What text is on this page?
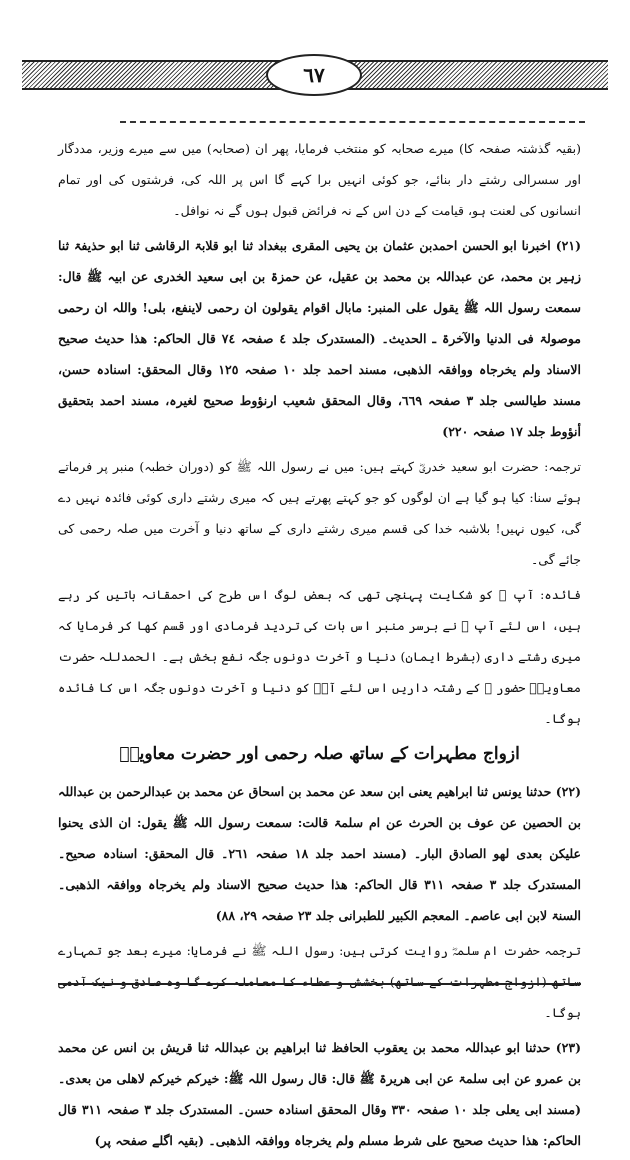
٦٧

(بقیہ گذشتہ صفحہ کا) میرے صحابہ کو منتخب فرمایا، پھر ان (صحابہ) میں سے میرے وزیر، مددگار اور سسرالی رشتے دار بنائے، جو کوئی انہیں برا کہے گا اس پر اللہ کی، فرشتوں کی اور تمام انسانوں کی لعنت ہو، قیامت کے دن اس کے نہ فرائض قبول ہوں گے نہ نوافل۔

(۲۱) اخبرنا ابو الحسن احمدبن عثمان بن یحیی المقری ببغداد ثنا ابو قلابۃ الرقاشی ثنا ابو حذیفۃ ثنا زہیر بن محمد، عن عبداللہ بن محمد بن عقیل، عن حمزۃ بن ابی سعید الخدری عن ابیہ ﷺ قال: سمعت رسول اللہ ﷺ یقول علی المنبر: مابال اقوام یقولون ان رحمی لاینفع، بلی! واللہ ان رحمی موصولۃ فی الدنیا والآخرۃ ـ الحدیث۔ (المستدرک جلد ٤ صفحہ ٧٤ قال الحاکم: ھذا حدیث صحیح الاسناد ولم یخرجاہ ووافقہ الذھبی، مسند احمد جلد ١٠ صفحہ ١٢٥ وقال المحقق: اسنادہ حسن، مسند طیالسی جلد ٣ صفحہ ٦٦٩، وقال المحقق شعیب ارنؤوط صحیح لغیرہ، مسند احمد بتحقیق أنؤوط جلد ١٧ صفحہ ٢٢٠)

ترجمہ: حضرت ابو سعید خدریؓ کہتے ہیں: میں نے رسول اللہ ﷺ کو (دوران خطبہ) منبر پر فرماتے ہوئے سنا: کیا ہو گیا ہے ان لوگوں کو جو کہتے پھرتے ہیں کہ میری رشتے داری کوئی فائدہ نہیں دے گی، کیوں نہیں! بلاشبہ خدا کی قسم میری رشتے داری کے ساتھ دنیا و آخرت میں صلہ رحمی کی جائے گی۔

فائدہ: آپ ﷺ کو شکایت پہنچی تھی کہ بعض لوگ اس طرح کی احمقانہ باتیں کر رہے ہیں، اس لئے آپ ﷺ نے برسر منبر اس بات کی تردید فرمادی اور قسم کھا کر فرمایا کہ میری رشتے داری (بشرط ایمان) دنیا و آخرت دونوں جگہ نفع بخش ہے۔ الحمدللہ حضرت معاویہؓ حضور ﷺ کے رشتہ داریں اس لئے آپؐ کو دنیا و آخرت دونوں جگہ اس کا فائدہ ہوگا۔

ازواج مطہرات کے ساتھ صلہ رحمی اور حضرت معاویہؓ

(۲۲) حدثنا یونس ثنا ابراھیم یعنی ابن سعد عن محمد بن اسحاق عن محمد بن عبدالرحمن بن عبداللہ بن الحصین عن عوف بن الحرث عن ام سلمۃ قالت: سمعت رسول اللہ ﷺ یقول: ان الذی یحنوا علیکن بعدی لھو الصادق البار۔ (مسند احمد جلد ١٨ صفحہ ٢٦١۔ قال المحقق: اسنادہ صحیح۔ المستدرک جلد ٣ صفحہ ٣١١ قال الحاکم: ھذا حدیث صحیح الاسناد ولم یخرجاہ ووافقہ الذھبی۔ السنۃ لابن ابی عاصم۔ المعجم الکبیر للطبرانی جلد ٢٣ صفحہ ٢٩، ٨٨)

ترجمہ حضرت ام سلمہؓ روایت کرتی ہیں: رسول اللہ ﷺ نے فرمایا: میرے بعد جو تمہارے ساتھ (ازواج مطہرات کے ساتھ) بخشش و عطاء کا معاملہ کرے گا وہ صادق و نیک آدمی ہوگا۔

(۲۳) حدثنا ابو عبداللہ محمد بن یعقوب الحافظ ثنا ابراھیم بن عبداللہ ثنا قریش بن انس عن محمد بن عمرو عن ابی سلمۃ عن ابی ھریرۃ ﷺ قال: قال رسول اللہ ﷺ: خیرکم خیرکم لاھلی من بعدی۔ (مسند ابی یعلی جلد ١٠ صفحہ ٣٣٠ وقال المحقق اسنادہ حسن۔ المستدرک جلد ٣ صفحہ ٣١١ قال الحاکم: ھذا حدیث صحیح علی شرط مسلم ولم یخرجاہ ووافقہ الذھبی۔ (بقیہ اگلے صفحہ پر)
